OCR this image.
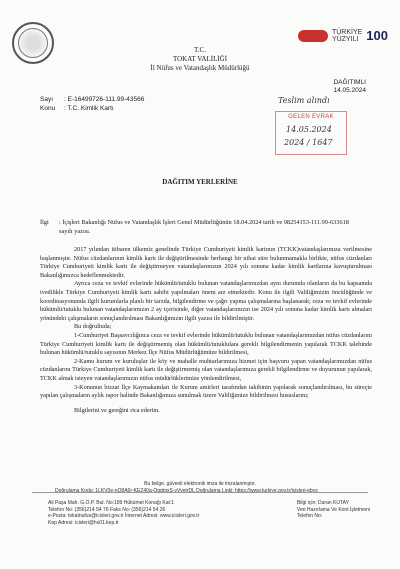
TÜRKİYE
YÜZYILI 100
T.C.
TOKAT VALİLİĞİ
İl Nüfus ve Vatandaşlık Müdürlüğü
Sayı : E-16499726-111.99-43566
Konu : T.C. Kimlik Kartı
DAĞITIMLI
14.05.2024
Teslim alındı
GELEN EVRAK
14.05.2024
2024 / 1647
DAĞITIM YERLERİNE
İlgi	: İçişleri Bakanlığı Nüfus ve Vatandaşlık İşleri Genel Müdürlüğünün 18.04.2024 tarih ve 98254153-111.99-633618 sayılı yazısı.

2017 yılından itibaren ülkemiz genelinde Türkiye Cumhuriyeti kimlik kartının (TCKK)vatandaşlarımıza verilmesine başlanmıştır. Nüfus cüzdanlarının kimlik kartı ile değiştirilmesinde herhangi bir nihai süre bulunmamakla birlikte, nüfus cüzdanları Türkiye Cumhuriyeti kimlik kartı ile değiştirmeyen vatandaşlarımızın 2024 yılı sonuna kadar kimlik kartlarına kavuşturulması Bakanlığımızca hedeflenmektedir.

Ayrıca ceza ve tevkif evlerinde hükümlü/tutuklu bulunan vatandaşlarımızdan aynı durumda olanların da bu kapsamda ivedilikle Türkiye Cumhuriyeti kimlik kartı sahibi yapılmaları önem arz etmektedir. Konu ile ilgili Valiliğimizin öncülüğünde ve koordinasyonunda ilgili kurumlarla planlı bir tarzda, bilgilendirme ve çağrı yapma çalışmalarına başlanarak; ceza ve tevkif evlerinde hükümlü/tutuklu bulunan vatandaşlarımızın 2 ay içerisinde, diğer vatandaşlarımızın ise 2024 yılı sonuna kadar kimlik kartı almaları yönündeki çalışmaların sonuçlandırılması Bakanlığımızın ilgili yazısı ile bildirilmiştir.

Bu doğrultuda;

1-Cumhuriyet Başsavcılığınca ceza ve tevkif evlerinde hükümlü/tutuklu bulunan vatandaşlarımızdan nüfus cüzdanlarını Türkiye Cumhuriyeti kimlik kartı ile değiştirmemiş olan hükümlü/tutuklulara gerekli bilgilendirmenin yapılarak TCKK talebinde bulunan hükümlü/tutuklu sayısının Merkez İlçe Nüfus Müdürlüğümüze bildirilmesi,

2-Kamu kurum ve kuruluşlar ile köy ve mahalle muhtarlarımıza hizmet için başvuru yapan vatandaşlarımızdan nüfus cüzdanlarını Türkiye Cumhuriyeti kimlik kartı ile değiştirmemiş olan vatandaşlarımıza gerekli bilgilendirme ve duyurunun yapılarak, TCKK almak isteyen vatandaşlarımızın nüfus müdürlüklerimize yönlendirilmesi,

3-Konunun bizzat İlçe Kaymakamları ile Kurum amirleri tarafından takibinin yapılarak sonuçlandırılması, bu süreçte yapılan çalışmaların aylık rapor halinde Bakanlığımıza sunulmak üzere Valiliğimize bildirilmesi hususlarını;

Bilgilerini ve gereğini rica ederim.

Bu belge, güvenli elektronik imza ile imzalanmıştır.
Doğrulama Kodu: 1LKV0e-nQ8A6r-KEZ40a-OqdmxS-vVyetrDL Doğrulama Linki: https://www.turkiye.gov.tr/icisleri-ebys
Ali Paşa Mah. G.O.P. Bul. No:189 Hükümet Konağı Kat:1
Telefon No: (356)214 54 76 Faks No: (356)214 54 26
e-Posta: tokatnufus@icisleri.gov.tr İnternet Adresi: www.icisleri.gov.tr
Kep Adresi: icisleri@hs01.kep.tr
Bilgi için: Duran KUTAY
Veri Hazırlama Ve Kont.İşletmeni
Telefon No:
